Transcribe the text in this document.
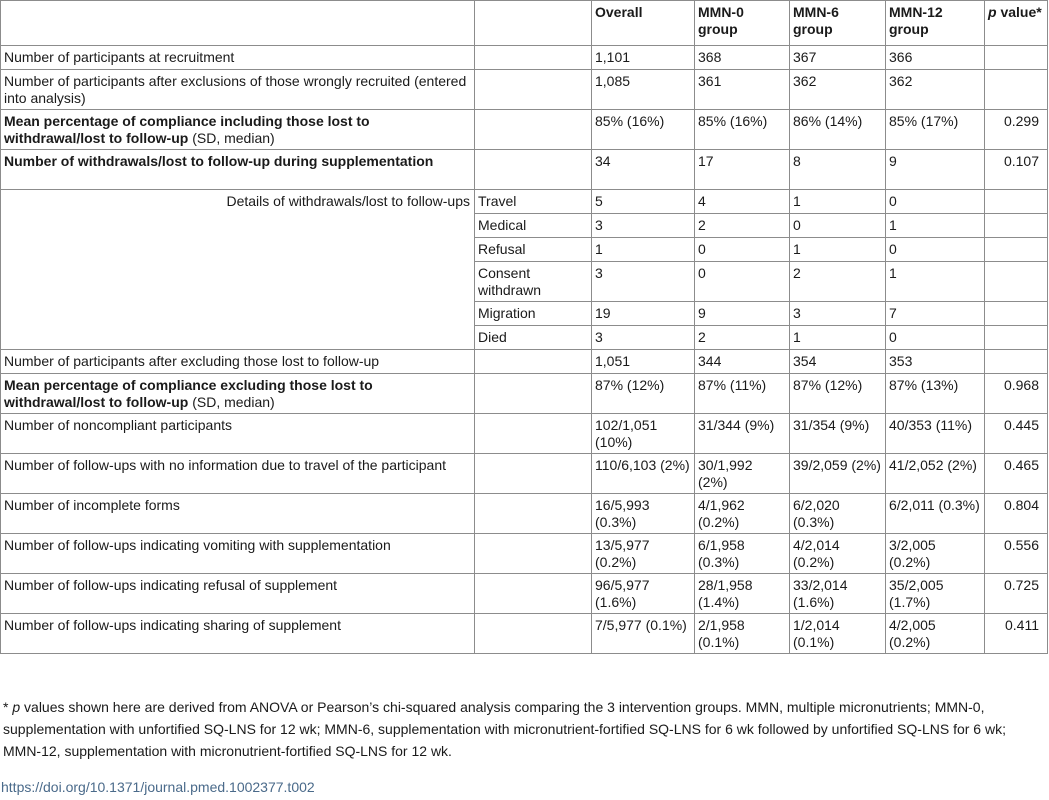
		Overall	MMN-0 group	MMN-6 group	MMN-12 group	p value*
Number of participants at recruitment		1,101	368	367	366	
Number of participants after exclusions of those wrongly recruited (entered into analysis)		1,085	361	362	362	
Mean percentage of compliance including those lost to withdrawal/lost to follow-up (SD, median)		85% (16%)	85% (16%)	86% (14%)	85% (17%)	0.299
Number of withdrawals/lost to follow-up during supplementation		34	17	8	9	0.107
Details of withdrawals/lost to follow-ups	Travel	5	4	1	0	
	Medical	3	2	0	1	
	Refusal	1	0	1	0	
	Consent withdrawn	3	0	2	1	
	Migration	19	9	3	7	
	Died	3	2	1	0	
Number of participants after excluding those lost to follow-up		1,051	344	354	353	
Mean percentage of compliance excluding those lost to withdrawal/lost to follow-up (SD, median)		87% (12%)	87% (11%)	87% (12%)	87% (13%)	0.968
Number of noncompliant participants		102/1,051 (10%)	31/344 (9%)	31/354 (9%)	40/353 (11%)	0.445
Number of follow-ups with no information due to travel of the participant		110/6,103 (2%)	30/1,992 (2%)	39/2,059 (2%)	41/2,052 (2%)	0.465
Number of incomplete forms		16/5,993 (0.3%)	4/1,962 (0.2%)	6/2,020 (0.3%)	6/2,011 (0.3%)	0.804
Number of follow-ups indicating vomiting with supplementation		13/5,977 (0.2%)	6/1,958 (0.3%)	4/2,014 (0.2%)	3/2,005 (0.2%)	0.556
Number of follow-ups indicating refusal of supplement		96/5,977 (1.6%)	28/1,958 (1.4%)	33/2,014 (1.6%)	35/2,005 (1.7%)	0.725
Number of follow-ups indicating sharing of supplement		7/5,977 (0.1%)	2/1,958 (0.1%)	1/2,014 (0.1%)	4/2,005 (0.2%)	0.411
* p values shown here are derived from ANOVA or Pearson’s chi-squared analysis comparing the 3 intervention groups. MMN, multiple micronutrients; MMN-0, supplementation with unfortified SQ-LNS for 12 wk; MMN-6, supplementation with micronutrient-fortified SQ-LNS for 6 wk followed by unfortified SQ-LNS for 6 wk; MMN-12, supplementation with micronutrient-fortified SQ-LNS for 12 wk.
https://doi.org/10.1371/journal.pmed.1002377.t002
